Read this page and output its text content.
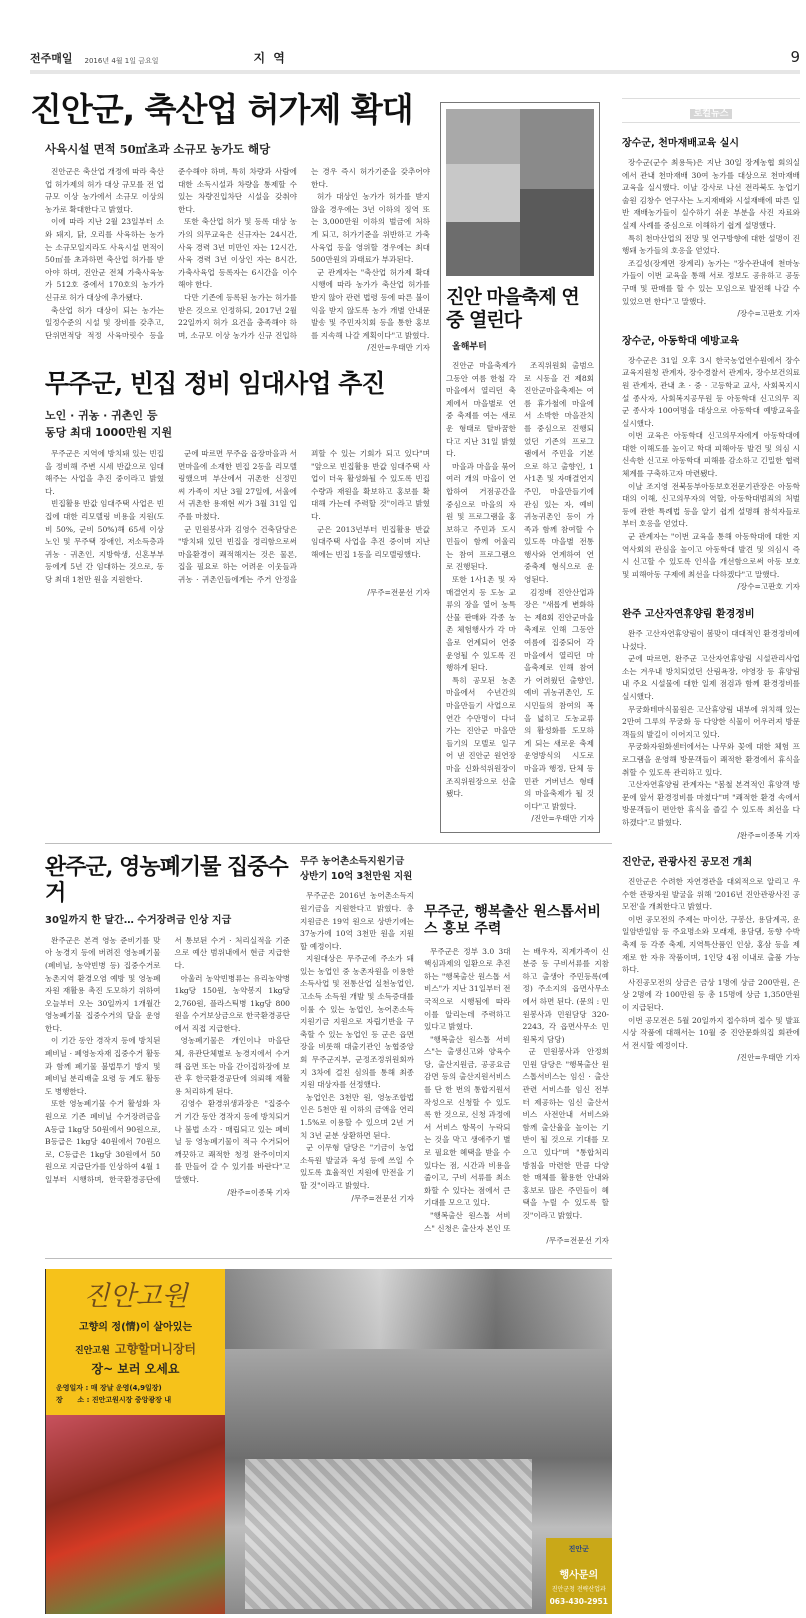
전주매일 2016년 4월 1일 금요일	지 역	9
진안군, 축산업 허가제 확대
사육시설 면적 50㎡초과 소규모 농가도 해당

진안군은 축산업 개정에 따라 축산업 허가제의 허가 대상 규모를 전 업규모 이상 농가에서 소규모 이상의 농가로 확대한다고 밝혔다.

이에 따라 지난 2월 23일부터 소와 돼지, 닭, 오리를 사육하는 농가는 소규모일지라도 사육시설 면적이 50㎡를 초과하면 축산업 허가를 받아야 하며, 진안군 전체 가축사육농가 512호 중에서 170호의 농가가 신규로 허가 대상에 추가됐다.

축산업 허가 대상이 되는 농가는 일정수준의 시설 및 장비를 갖추고, 단위면적당 적정 사육마릿수 등을 준수해야 하며, 특히 차량과 사람에 대한 소독시설과 차량을 통제할 수 있는 차량진입차단 시설을 갖춰야 한다.

또한 축산업 허가 및 등록 대상 농가의 의무교육은 신규자는 24시간, 사육 경력 3년 미만인 자는 12시간, 사육 경력 3년 이상인 자는 8시간, 가축사육업 등록자는 6시간을 이수해야 한다.

다만 기존에 등록된 농가는 허가를 받은 것으로 인정하되, 2017년 2월 22일까지 허가 요건을 충족해야 하며, 소규모 이상 농가가 신규 진입하는 경우 즉시 허가기준을 갖추어야 한다.

허가 대상인 농가가 허가를 받지 않을 경우에는 3년 이하의 징역 또는 3,000만원 이하의 벌금에 처하게 되고, 허가기준을 위반하고 가축사육업 등을 영위할 경우에는 최대 500만원의 과태료가 부과된다.

군 관계자는 "축산업 허가제 확대 시행에 따라 농가가 축산업 허가를 받지 않아 관련 법령 등에 따른 불이익을 받지 않도록 농가 개별 안내문 발송 및 주민자치회 등을 통한 홍보를 지속해 나갈 계획이다"고 밝혔다.

/진안=우태만 기자
무주군, 빈집 정비 임대사업 추진
노인 · 귀농 · 귀촌인 등
동당 최대 1000만원 지원

무주군은 지역에 방치돼 있는 빈집을 정비해 주변 시세 반값으로 임대해주는 사업을 추진 중이라고 밝혔다.

빈집활용 반값 임대주택 사업은 빈집에 대한 리모델링 비용을 지원(도비 50%, 군비 50%)해 65세 이상 노인 및 무주택 장애인, 저소득층과 귀농 · 귀촌인, 지방학생, 신혼부부 등에게 5년 간 임대하는 것으로, 동 당 최대 1천만 원을 지원한다.

군에 따르면 무주읍 읍장마을과 서면마을에 소재한 빈집 2동을 리모델링했으며 부산에서 귀촌한 신정민 씨 가족이 지난 3월 27일에, 서울에서 귀촌한 용재현 씨가 3월 31일 입주를 마쳤다.

군 민원봉사과 김영수 건축담당은 "방치돼 있던 빈집을 정리함으로써 마을환경이 쾌적해지는 것은 물론, 집을 필요로 하는 어려운 이웃들과 귀농 · 귀촌인들에게는 주거 안정을 꾀할 수 있는 기회가 되고 있다"며 "앞으로 빈집활용 반값 임대주택 사업이 더욱 활성화될 수 있도록 빈집 수량과 재원을 확보하고 홍보를 확대해 가는데 주력할 것"이라고 밝혔다.

군은 2013년부터 빈집활용 반값 임대주택 사업을 추진 중이며 지난해에는 빈집 1동을 리모델링했다.

/무주=전문선 기자
진안 마을축제 연중 열린다
올해부터

진안군 마을축제가 그동안 여름 한철 각 마을에서 열리던 축제에서 마을별로 연중 축제를 여는 새로운 형태로 탈바꿈한다고 지난 31일 밝혔다.

마을과 마을을 묶어 여러 개의 마을이 연합하여 거점공간을 중심으로 마을의 자원 및 프로그램을 홍보하고 주민과 도시민들이 함께 어울리는 참여 프로그램으로 진행된다.

또한 1사1촌 및 자매결연지 등 도농 교류의 장을 열어 농특산물 판매와 각종 농촌 체험행사가 각 마을로 연계되어 연중 운영될 수 있도록 진행하게 된다.

특히 공모된 농촌 마을에서 수년간의 마을만들기 사업으로 연간 수만명이 다녀가는 진안군 마을만들기의 모델로 일구어 낸 진안군 원연장마을 신화석위원장이 조직위원장으로 선출됐다.

조직위원회 출범으로 시동을 건 제8회 진안군마을축제는 여름 휴가철에 마을에서 소박한 마을잔치를 중심으로 진행되었던 기존의 프로그램에서 주민을 기본으로 하고 출향인, 1사1촌 및 자매결연지 주민, 마을만들기에 관심 있는 자, 예비 귀농귀촌인 등이 가족과 함께 참여할 수 있도록 마을별 전통행사와 연계하여 연중축제 형식으로 운영된다.

김정배 진안산업과장은 "새롭게 변화하는 제8회 진안군마을축제로 인해 그동안 여름에 집중되어 각 마을에서 열리던 마을축제로 인해 참여가 어려웠던 출향인, 예비 귀농귀촌인, 도시민들의 참여의 폭을 넓히고 도농교류의 활성화를 도모하게 되는 새로운 축제 운영방식의 시도로 마을과 행정, 단체 등 민관 거버넌스 형태의 마을축제가 될 것이다"고 밝혔다.

/진안=우태만 기자
완주군, 영농폐기물 집중수거
30일까지 한 달간… 수거장려금 인상 지급

완주군은 본격 영농 준비기를 맞아 농경지 등에 버려진 영농폐기물(폐비닐, 농약빈병 등) 집중수거로 농촌지역 환경오염 예방 및 영농폐자원 재활용 촉진 도모하기 위하여 오늘부터 오는 30일까지 1개월간 영농폐기물 집중수거의 달을 운영한다.

이 기간 동안 경작지 등에 방치된 폐비닐 · 폐영농자재 집중수거 활동과 함께 폐기물 불법투기 방지 및 폐비닐 분리배출 요령 등 계도 활동도 병행한다.

또한 영농폐기물 수거 활성화 차원으로 기존 폐비닐 수거장려금을 A등급 1kg당 50원에서 90원으로, B등급은 1kg당 40원에서 70원으로, C등급은 1kg당 30원에서 50원으로 지급단가를 인상하여 4월 1일부터 시행하며, 한국환경공단에서 통보된 수거 · 처리실적을 기준으로 예산 범위내에서 현금 지급한다.

아울러 농약빈병류는 유리농약병 1kg당 150원, 농약봉지 1kg당 2,760원, 플라스틱병 1kg당 800원을 수거보상금으로 한국환경공단에서 직접 지급한다.

영농폐기물은 개인이나 마을단체, 유관단체별로 농경지에서 수거해 읍면 또는 마을 간이집하장에 보관 후 한국환경공단에 의뢰해 재활용 처리하게 된다.

김영수 환경위생과장은 "집중수거 기간 동안 경작지 등에 방치되거나 불법 소각 · 매립되고 있는 폐비닐 등 영농폐기물이 적극 수거되어 깨끗하고 쾌적한 청정 완주이미지를 만들어 갈 수 있기를 바란다"고 말했다.

/완주=이종복 기자
무주 농어촌소득지원기금
상반기 10억 3천만원 지원

무주군은 2016년 농어촌소득지원기금을 지원한다고 밝혔다. 총 지원금은 19억 원으로 상반기에는 37농가에 10억 3천만 원을 지원할 예정이다.

지원대상은 무주군에 주소가 돼 있는 농업인 중 농촌자원을 이용한 소득사업 및 전통산업 실천농업인, 고소득 소득원 개발 및 소득증대를 이룰 수 있는 농업인, 농어촌소득지원기금 지원으로 자립기반을 구축할 수 있는 농업인 등 군은 읍면장을 비롯해 대출기관인 농협중앙회 무주군지부, 군정조정위원회까지 3차에 걸친 심의를 통해 최종 지원 대상자를 선정했다.

농업인은 3천만 원, 영농조합법인은 5천만 원 이하의 금액을 연리 1.5%로 이용할 수 있으며 2년 거치 3년 균분 상환하면 된다.

군 이무형 담당은 "기금이 농업소득원 발굴과 육성 등에 쓰일 수 있도록 효율적인 지원에 만전을 기할 것"이라고 밝혔다.

/무주=전문선 기자
무주군, 행복출산 원스톱서비스 홍보 주력

무주군은 정부 3.0 3대 핵심과제의 일환으로 추진하는 "행복출산 원스톱 서비스"가 지난 31일부터 전국적으로 시행됨에 따라 이를 알리는데 주력하고 있다고 밝혔다.

"행복출산 원스톱 서비스"는 출생신고와 양육수당, 출산지원금, 공공요금 감면 등의 출산지원서비스를 단 한 번의 통합지원서 작성으로 신청할 수 있도록 한 것으로, 신청 과정에서 서비스 항목이 누락되는 것을 막고 생애주기 별로 필요한 혜택을 받을 수 있다는 점, 시간과 비용을 줄이고, 구비 서류를 최소화할 수 있다는 점에서 큰 기대를 모으고 있다.

"행복출산 원스톱 서비스" 신청은 출산자 본인 또는 배우자, 직계가족이 신분증 등 구비서류를 지참하고 출생아 주민등록(예정) 주소지의 읍면사무소에서 하면 된다. (문의 : 민원봉사과 민원담당 320-2243, 각 읍면사무소 민원복지 담당)

군 민원봉사과 안정희 민원 담당은 "행복출산 원스톱서비스는 임신 · 출산 관련 서비스를 임신 전부터 제공하는 임신 출산서비스 사전안내 서비스와 함께 출산율을 높이는 기반이 될 것으로 기대를 모으고 있다"며 "통합처리 방침을 마련한 만큼 다양한 매체를 활용한 안내와 홍보로 많은 주민들이 혜택을 누릴 수 있도록 할 것"이라고 밝혔다.

/무주=전문선 기자
진안고원
고향의 정(情)이 살아있는
진안고원 고향할머니장터
장~ 보러 오세요
운영일자 : 매 장날 운영(4,9일장)
장      소 : 진안고원시장 중앙광장 내
진안군
행사문의
진안군청 전략산업과
063-430-2951
로컬뉴스
장수군, 천마재배교육 실시

장수군(군수 최용득)은 지난 30일 장계농협 회의실에서 관내 천마재배 30여 농가를 대상으로 천마재배 교육을 실시했다. 이날 강사로 나선 전라북도 농업기술원 김창수 연구사는 노지재배와 시설재배에 따른 일반 재배농가들이 실수하기 쉬운 부분을 사진 자료와 실제 사례를 중심으로 이해하기 쉽게 설명했다.

특히 천마산업의 전망 및 연구방향에 대한 설명이 진행돼 농가들의 호응을 얻었다.

조길성(장계면 장계리) 농가는 "장수관내에 천마농가들이 이번 교육을 통해 서로 정보도 공유하고 공동 구매 및 판매를 할 수 있는 모임으로 발전해 나갈 수 있었으면 한다"고 말했다.

/장수=고판호 기자
장수군, 아동학대 예방교육

장수군은 31일 오후 3시 한국농업연수원에서 장수교육지원청 관계자, 장수경찰서 관계자, 장수보건의료원 관계자, 관내 초 · 중 · 고등학교 교사, 사회복지시설 종사자, 사회복지공무원 등 아동학대 신고의무 직군 종사자 100여명을 대상으로 아동학대 예방교육을 실시했다.

이번 교육은 아동학대 신고의무자에게 아동학대에 대한 이해도를 높이고 학대 피해아동 발견 및 의심 시 신속한 신고로 아동학대 피해를 감소하고 긴밀한 협력체계를 구축하고자 마련됐다.

이날 조지영 전북동부아동보호전문기관장은 아동학대의 이해, 신고의무자의 역할, 아동학대범죄의 처벌 등에 관한 특례법 등을 알기 쉽게 설명해 참석자들로부터 호응을 얻었다.

군 관계자는 "이번 교육을 통해 아동학대에 대한 지역사회의 관심을 높이고 아동학대 발견 및 의심시 즉시 신고할 수 있도록 인식을 개선함으로써 아동 보호 및 피해아동 구제에 최선을 다하겠다"고 말했다.

/장수=고판호 기자
완주 고산자연휴양림 환경정비

완주 고산자연휴양림이 봄맞이 대대적인 환경정비에 나섰다.

군에 따르면, 완주군 고산자연휴양림 시설관리사업소는 겨우내 방치되었던 산림욕장, 야영장 등 휴양림 내 주요 시설물에 대한 일제 점검과 함께 환경정비를 실시했다.

무궁화테마식물원은 고산휴양림 내부에 위치해 있는 2만여 그루의 무궁화 등 다양한 식물이 어우러져 방문객들의 발길이 이어지고 있다.

무궁화자원화센터에서는 나무와 꽃에 대한 체험 프로그램을 운영해 방문객들이 쾌적한 환경에서 휴식을 취할 수 있도록 관리하고 있다.

고산자연휴양림 관계자는 "봄철 본격적인 휴양객 방문에 앞서 환경정비를 마쳤다"며 "쾌적한 환경 속에서 방문객들이 편안한 휴식을 즐길 수 있도록 최선을 다하겠다"고 밝혔다.

/완주=이종복 기자
진안군, 관광사진 공모전 개최

진안군은 수려한 자연경관을 대외적으로 알리고 우수한 관광자원 발굴을 위해 '2016년 진안관광사진 공모전'을 개최한다고 밝혔다.

이번 공모전의 주제는 마이산, 구봉산, 용담계곡, 운일암반일암 등 주요명소와 모래재, 용담댐, 동향 수박축제 등 각종 축제, 지역특산품인 인삼, 홍삼 등을 제재로 한 자유 작품이며, 1인당 4점 이내로 출품 가능하다.

사진공모전의 상금은 금상 1명에 상금 200만원, 은상 2명에 각 100만원 등 총 15명에 상금 1,350만원이 지급된다.

이번 공모전은 5월 20일까지 접수하며 접수 및 발표 시상 작품에 대해서는 10월 중 진안문화의집 회관에서 전시할 예정이다.

/진안=우태만 기자
